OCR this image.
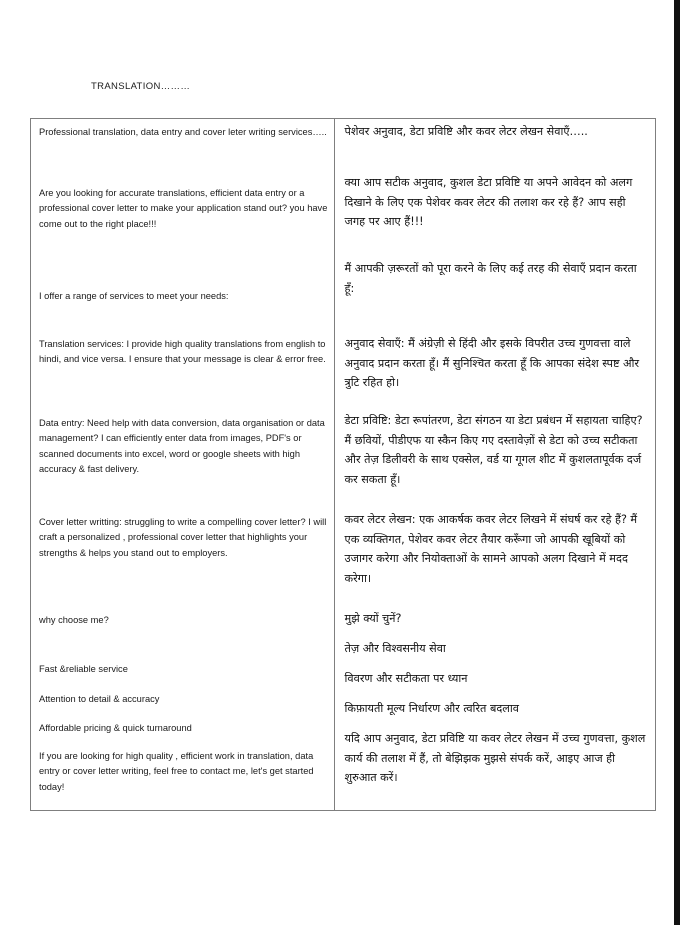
TRANSLATION………

Professional translation, data entry and cover leter writing services…..

Are you looking for accurate translations, efficient data entry or a professional cover letter to make your application stand out? you have come out to the right place!!!

I offer a range of services to meet your needs:

Translation services: I provide high quality translations from english to hindi, and vice versa. I ensure that your message is clear & error free.

Data entry: Need help with data conversion, data organisation or data management? I can efficiently enter data from images, PDF's or scanned documents into excel, word or google sheets with high accuracy & fast delivery.

Cover letter writting: struggling to write a compelling cover letter? I will craft a personalized , professional cover letter that highlights your strengths & helps you stand out to employers.

why choose me?

Fast &reliable service

Attention to detail & accuracy

Affordable pricing & quick turnaround

If you are looking for high quality , efficient work in translation, data entry or cover letter writing, feel free to contact me, let's get started today!

पेशेवर अनुवाद, डेटा प्रविष्टि और कवर लेटर लेखन सेवाएँ…..

क्या आप सटीक अनुवाद, कुशल डेटा प्रविष्टि या अपने आवेदन को अलग दिखाने के लिए एक पेशेवर कवर लेटर की तलाश कर रहे हैं? आप सही जगह पर आए हैं!!!

मैं आपकी ज़रूरतों को पूरा करने के लिए कई तरह की सेवाएँ प्रदान करता हूँ:

अनुवाद सेवाएँ: मैं अंग्रेज़ी से हिंदी और इसके विपरीत उच्च गुणवत्ता वाले अनुवाद प्रदान करता हूँ। मैं सुनिश्चित करता हूँ कि आपका संदेश स्पष्ट और त्रुटि रहित हो।

डेटा प्रविष्टि: डेटा रूपांतरण, डेटा संगठन या डेटा प्रबंधन में सहायता चाहिए? मैं छवियों, पीडीएफ या स्कैन किए गए दस्तावेज़ों से डेटा को उच्च सटीकता और तेज़ डिलीवरी के साथ एक्सेल, वर्ड या गूगल शीट में कुशलतापूर्वक दर्ज कर सकता हूँ।

कवर लेटर लेखन: एक आकर्षक कवर लेटर लिखने में संघर्ष कर रहे हैं? मैं एक व्यक्तिगत, पेशेवर कवर लेटर तैयार करूँगा जो आपकी खूबियों को उजागर करेगा और नियोक्ताओं के सामने आपको अलग दिखाने में मदद करेगा।

मुझे क्यों चुनें?

तेज़ और विश्वसनीय सेवा

विवरण और सटीकता पर ध्यान

किफ़ायती मूल्य निर्धारण और त्वरित बदलाव

यदि आप अनुवाद, डेटा प्रविष्टि या कवर लेटर लेखन में उच्च गुणवत्ता, कुशल कार्य की तलाश में हैं, तो बेझिझक मुझसे संपर्क करें, आइए आज ही शुरुआत करें।
